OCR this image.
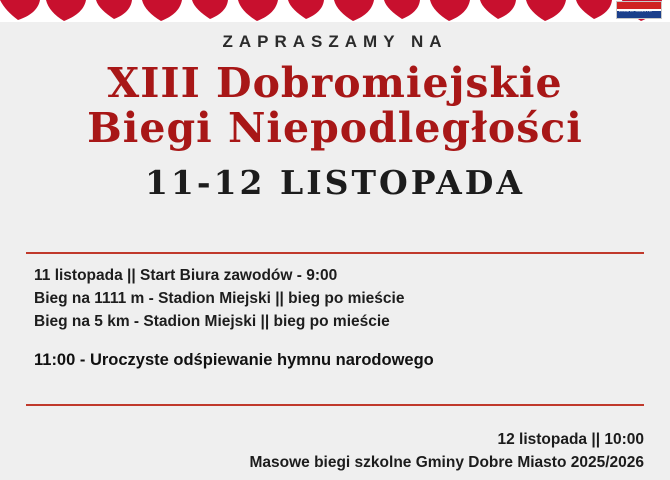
DOBRE MIASTO
ZAPRASZAMY NA
XIII Dobromiejskie
Biegi Niepodległości
11-12 LISTOPADA
11 listopada || Start Biura zawodów - 9:00
Bieg na 1111 m - Stadion Miejski || bieg po mieście
Bieg na 5 km - Stadion Miejski || bieg po mieście
11:00 - Uroczyste odśpiewanie hymnu narodowego
12 listopada || 10:00
Masowe biegi szkolne Gminy Dobre Miasto 2025/2026
